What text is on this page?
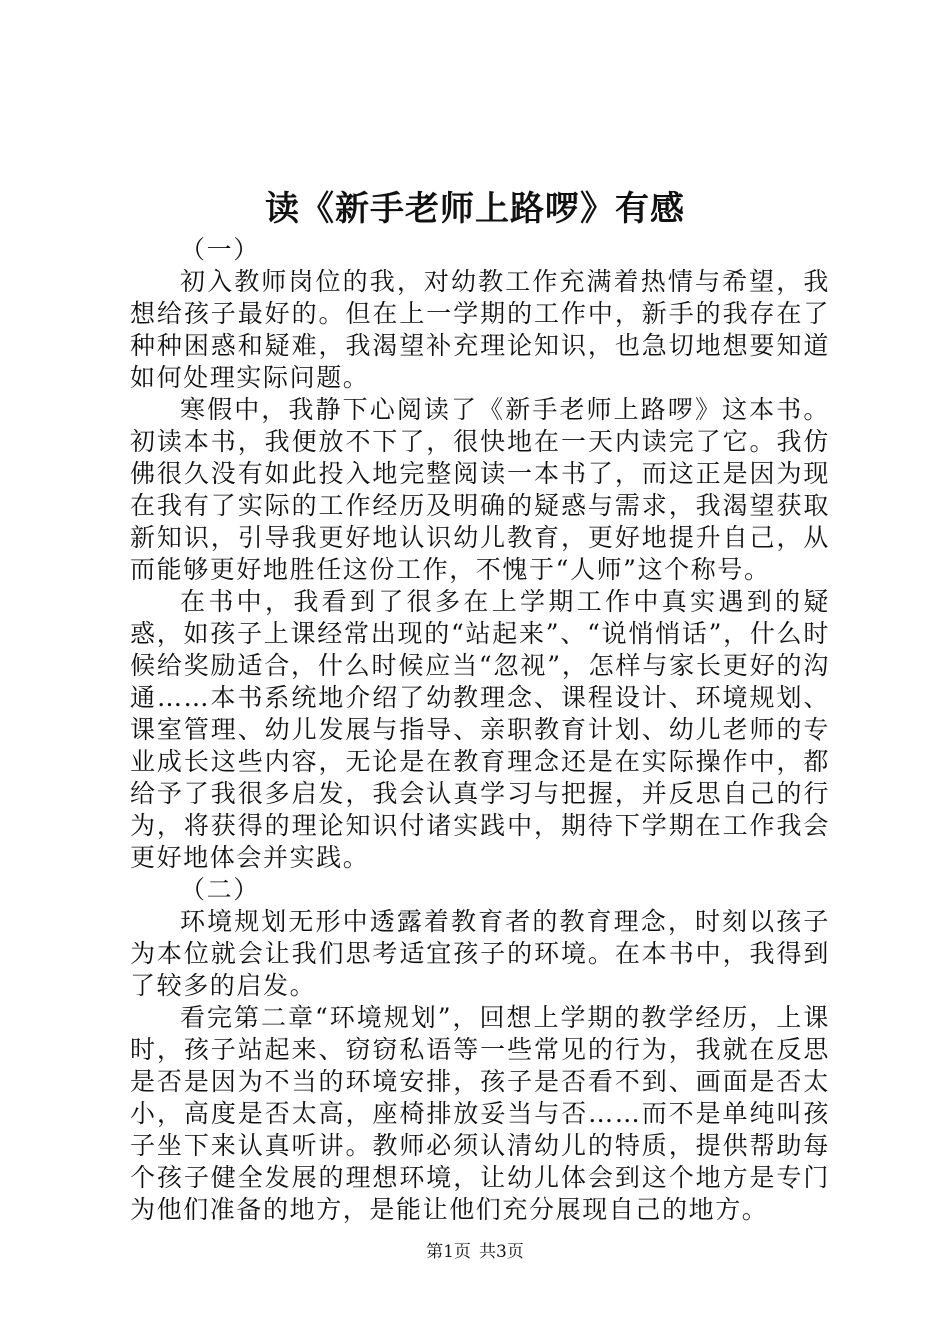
读《新手老师上路啰》有感

（一）

初入教师岗位的我，对幼教工作充满着热情与希望，我想给孩子最好的。但在上一学期的工作中，新手的我存在了种种困惑和疑难，我渴望补充理论知识，也急切地想要知道如何处理实际问题。

寒假中，我静下心阅读了《新手老师上路啰》这本书。初读本书，我便放不下了，很快地在一天内读完了它。我仿佛很久没有如此投入地完整阅读一本书了，而这正是因为现在我有了实际的工作经历及明确的疑惑与需求，我渴望获取新知识，引导我更好地认识幼儿教育，更好地提升自己，从而能够更好地胜任这份工作，不愧于“人师”这个称号。

在书中，我看到了很多在上学期工作中真实遇到的疑惑，如孩子上课经常出现的“站起来”、“说悄悄话”，什么时候给奖励适合，什么时候应当“忽视”，怎样与家长更好的沟通……本书系统地介绍了幼教理念、课程设计、环境规划、课室管理、幼儿发展与指导、亲职教育计划、幼儿老师的专业成长这些内容，无论是在教育理念还是在实际操作中，都给予了我很多启发，我会认真学习与把握，并反思自己的行为，将获得的理论知识付诸实践中，期待下学期在工作我会更好地体会并实践。

（二）

环境规划无形中透露着教育者的教育理念，时刻以孩子为本位就会让我们思考适宜孩子的环境。在本书中，我得到了较多的启发。

看完第二章“环境规划”，回想上学期的教学经历，上课时，孩子站起来、窃窃私语等一些常见的行为，我就在反思是否是因为不当的环境安排，孩子是否看不到、画面是否太小，高度是否太高，座椅排放妥当与否……而不是单纯叫孩子坐下来认真听讲。教师必须认清幼儿的特质，提供帮助每个孩子健全发展的理想环境，让幼儿体会到这个地方是专门为他们准备的地方，是能让他们充分展现自己的地方。

第1页 共3页
